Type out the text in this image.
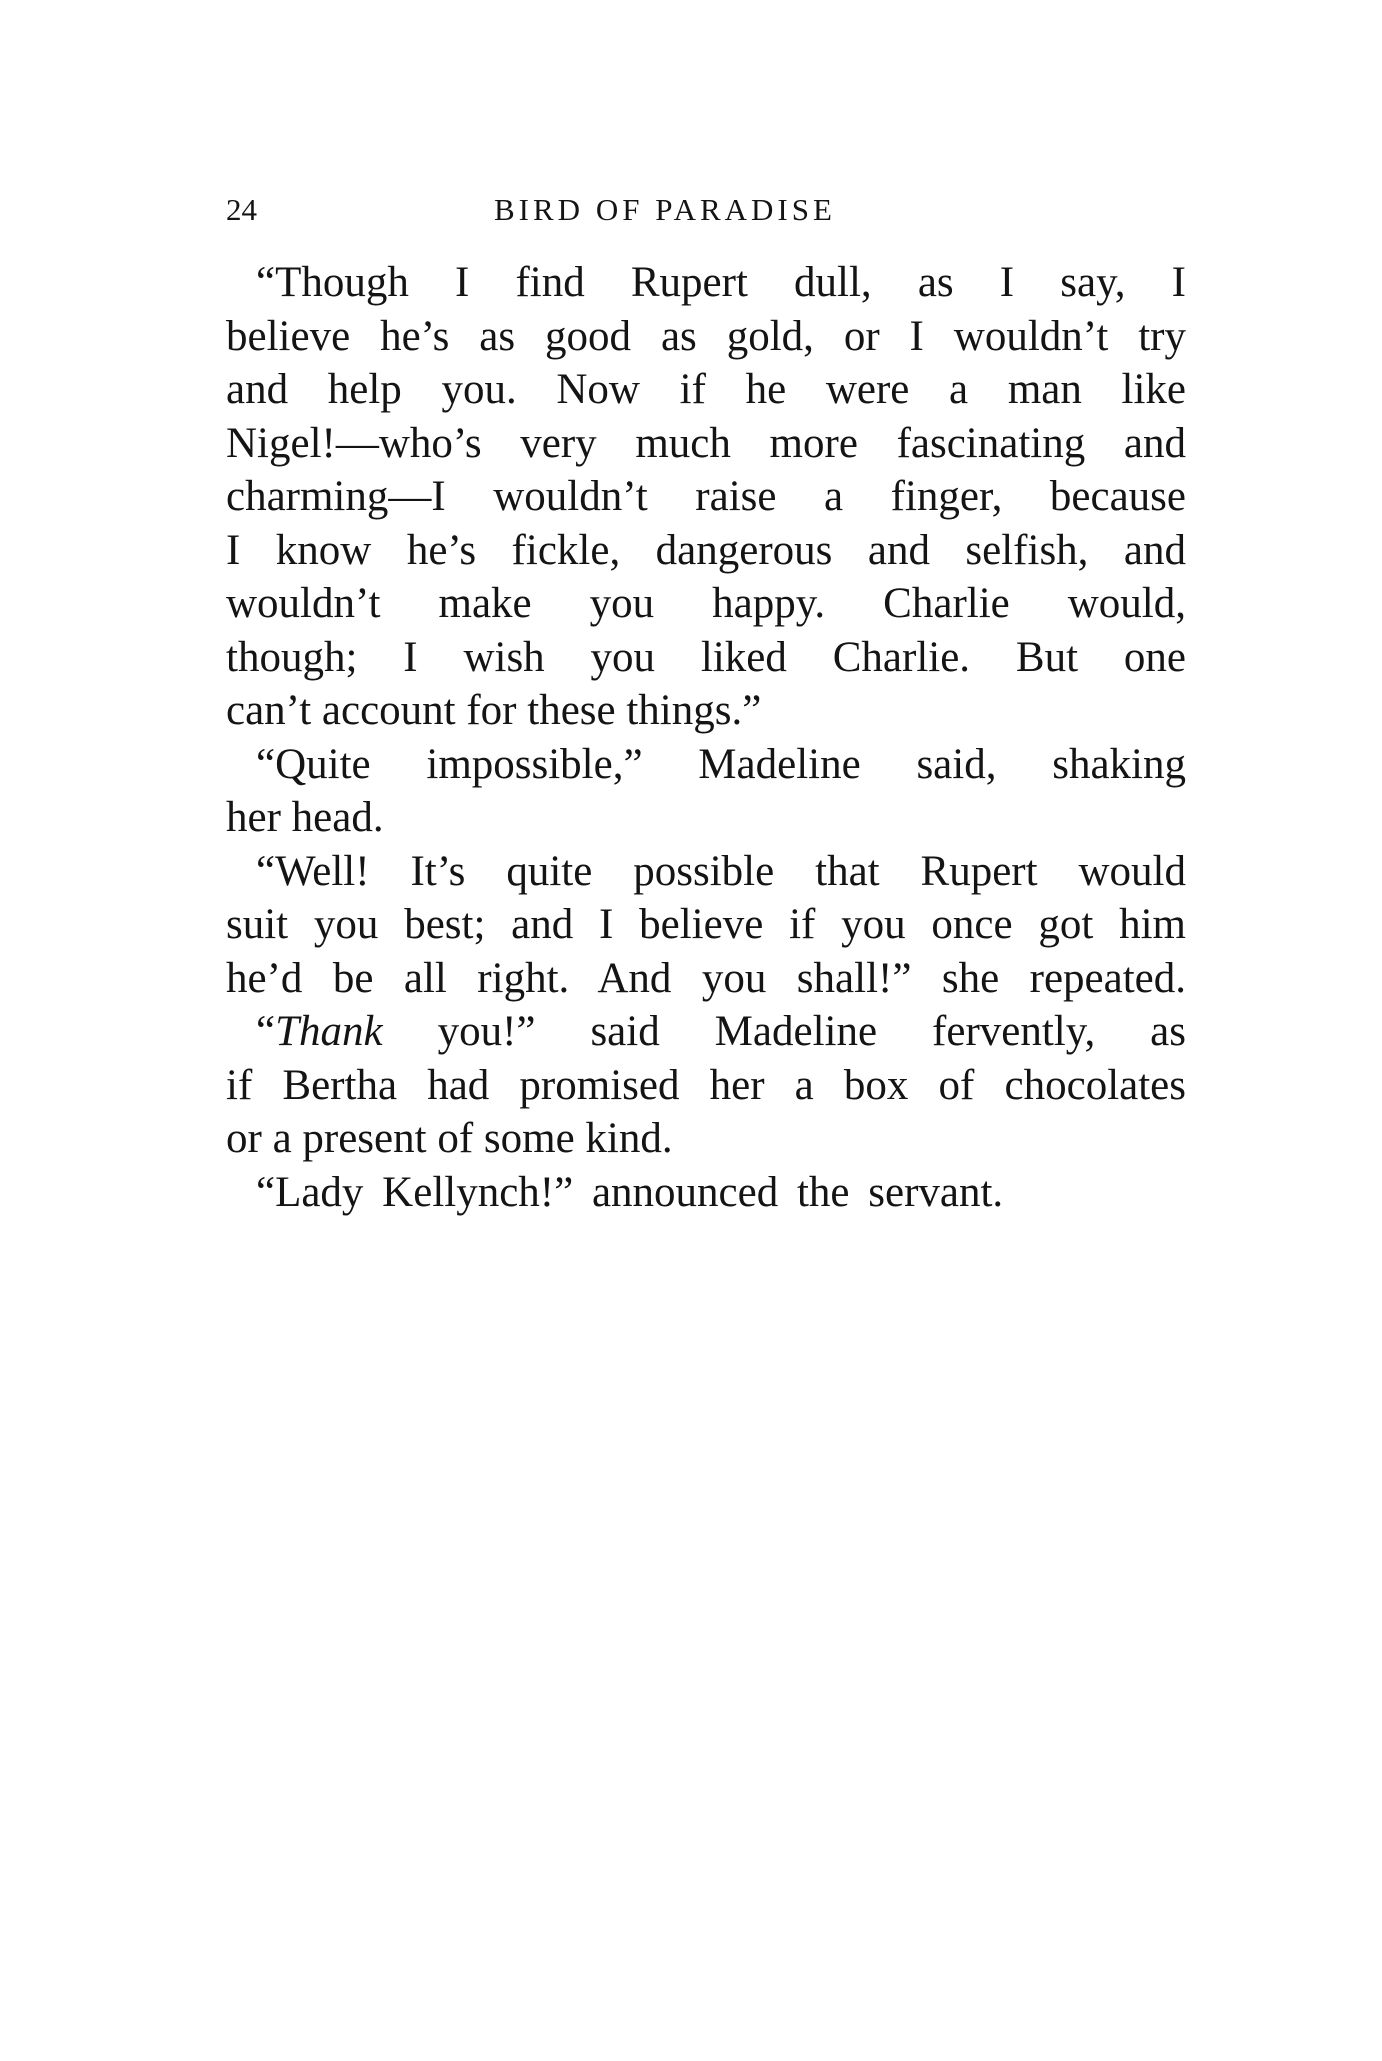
24	BIRD OF PARADISE
“Though I find Rupert dull, as I say, I
believe he’s as good as gold, or I wouldn’t try
and help you. Now if he were a man like
Nigel!—who’s very much more fascinating and
charming—I wouldn’t raise a finger, because
I know he’s fickle, dangerous and selfish, and
wouldn’t make you happy. Charlie would,
though; I wish you liked Charlie. But one
can’t account for these things.”
“Quite impossible,” Madeline said, shaking
her head.
“Well! It’s quite possible that Rupert would
suit you best; and I believe if you once got him
he’d be all right. And you shall!” she repeated.
“Thank you!” said Madeline fervently, as
if Bertha had promised her a box of chocolates
or a present of some kind.
“Lady Kellynch!” announced the servant.
